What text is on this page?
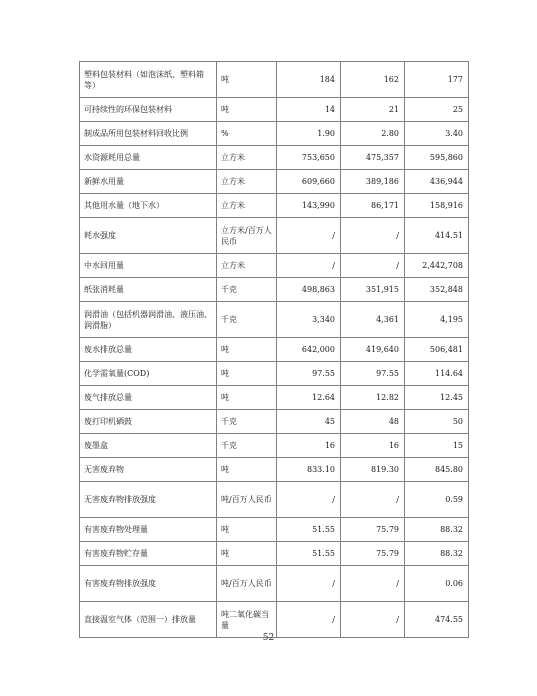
塑料包装材料（如泡沫纸、塑料箱等）	吨	184	162	177
可持续性的环保包装材料	吨	14	21	25
制成品所用包装材料回收比例	%	1.90	2.80	3.40
水资源耗用总量	立方米	753,650	475,357	595,860
新鲜水用量	立方米	609,660	389,186	436,944
其他用水量（地下水）	立方米	143,990	86,171	158,916
耗水强度	立方米/百万人民币	/	/	414.51
中水回用量	立方米	/	/	2,442,708
纸张消耗量	千克	498,863	351,915	352,848
润滑油（包括机器润滑油、液压油、润滑脂）	千克	3,340	4,361	4,195
废水排放总量	吨	642,000	419,640	506,481
化学需氧量(COD)	吨	97.55	97.55	114.64
废气排放总量	吨	12.64	12.82	12.45
废打印机硒鼓	千克	45	48	50
废墨盒	千克	16	16	15
无害废弃物	吨	833.10	819.30	845.80
无害废弃物排放强度	吨/百万人民币	/	/	0.59
有害废弃物处理量	吨	51.55	75.79	88.32
有害废弃物贮存量	吨	51.55	75.79	88.32
有害废弃物排放强度	吨/百万人民币	/	/	0.06
直接温室气体（范围一）排放量	吨二氧化碳当量	/	/	474.55
52
